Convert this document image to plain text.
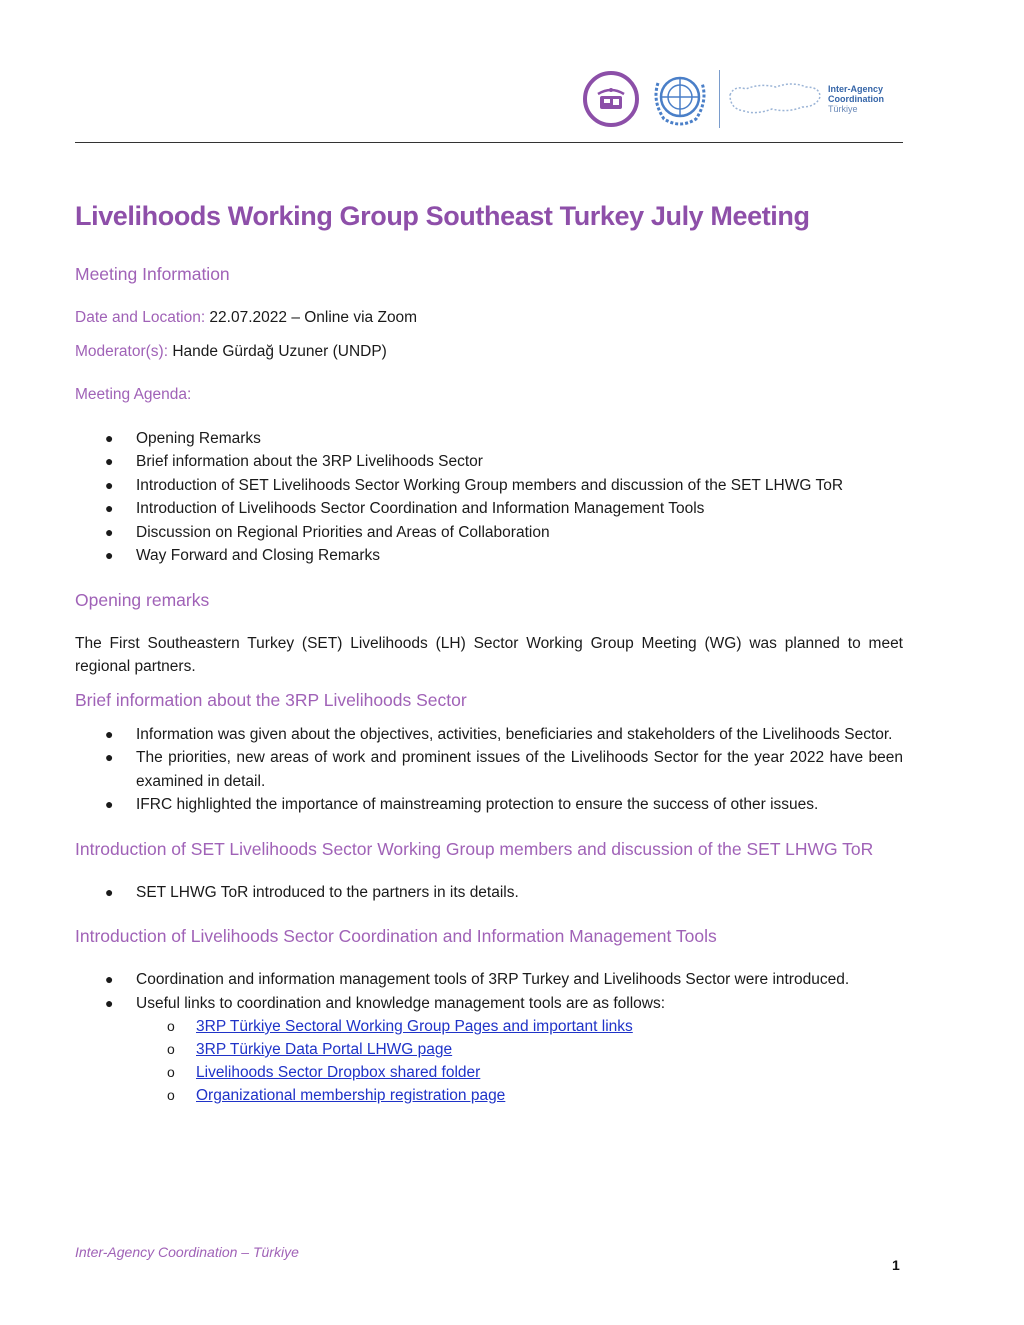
Inter-Agency
Coordination
Türkiye
Livelihoods Working Group Southeast Turkey July Meeting
Meeting Information

Date and Location: 22.07.2022 – Online via Zoom

Moderator(s): Hande Gürdağ Uzuner (UNDP)

Meeting Agenda:

● Opening Remarks
● Brief information about the 3RP Livelihoods Sector
● Introduction of SET Livelihoods Sector Working Group members and discussion of the SET LHWG ToR
● Introduction of Livelihoods Sector Coordination and Information Management Tools
● Discussion on Regional Priorities and Areas of Collaboration
● Way Forward and Closing Remarks
Opening remarks

The First Southeastern Turkey (SET) Livelihoods (LH) Sector Working Group Meeting (WG) was planned to meet regional partners.

Brief information about the 3RP Livelihoods Sector
● Information was given about the objectives, activities, beneficiaries and stakeholders of the Livelihoods Sector.
● The priorities, new areas of work and prominent issues of the Livelihoods Sector for the year 2022 have been examined in detail.
● IFRC highlighted the importance of mainstreaming protection to ensure the success of other issues.
Introduction of SET Livelihoods Sector Working Group members and discussion of the SET LHWG ToR
● SET LHWG ToR introduced to the partners in its details.
Introduction of Livelihoods Sector Coordination and Information Management Tools
● Coordination and information management tools of 3RP Turkey and Livelihoods Sector were introduced.
● Useful links to coordination and knowledge management tools are as follows:
o 3RP Türkiye Sectoral Working Group Pages and important links
o 3RP Türkiye Data Portal LHWG page
o Livelihoods Sector Dropbox shared folder
o Organizational membership registration page
Inter-Agency Coordination – Türkiye
1
